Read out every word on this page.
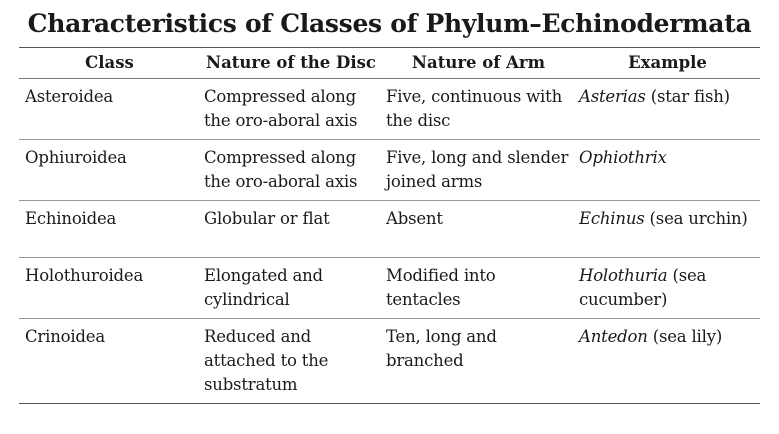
Characteristics of Classes of Phylum–Echinodermata
Class	Nature of the Disc	Nature of Arm	Example
Asteroidea	Compressed along the oro-aboral axis	Five, continuous with the disc	Asterias (star fish)
Ophiuroidea	Compressed along the oro-aboral axis	Five, long and slender joined arms	Ophiothrix
Echinoidea	Globular or flat	Absent	Echinus (sea urchin)
Holothuroidea	Elongated and cylindrical	Modified into tentacles	Holothuria (sea cucumber)
Crinoidea	Reduced and attached to the substratum	Ten, long and branched	Antedon (sea lily)
